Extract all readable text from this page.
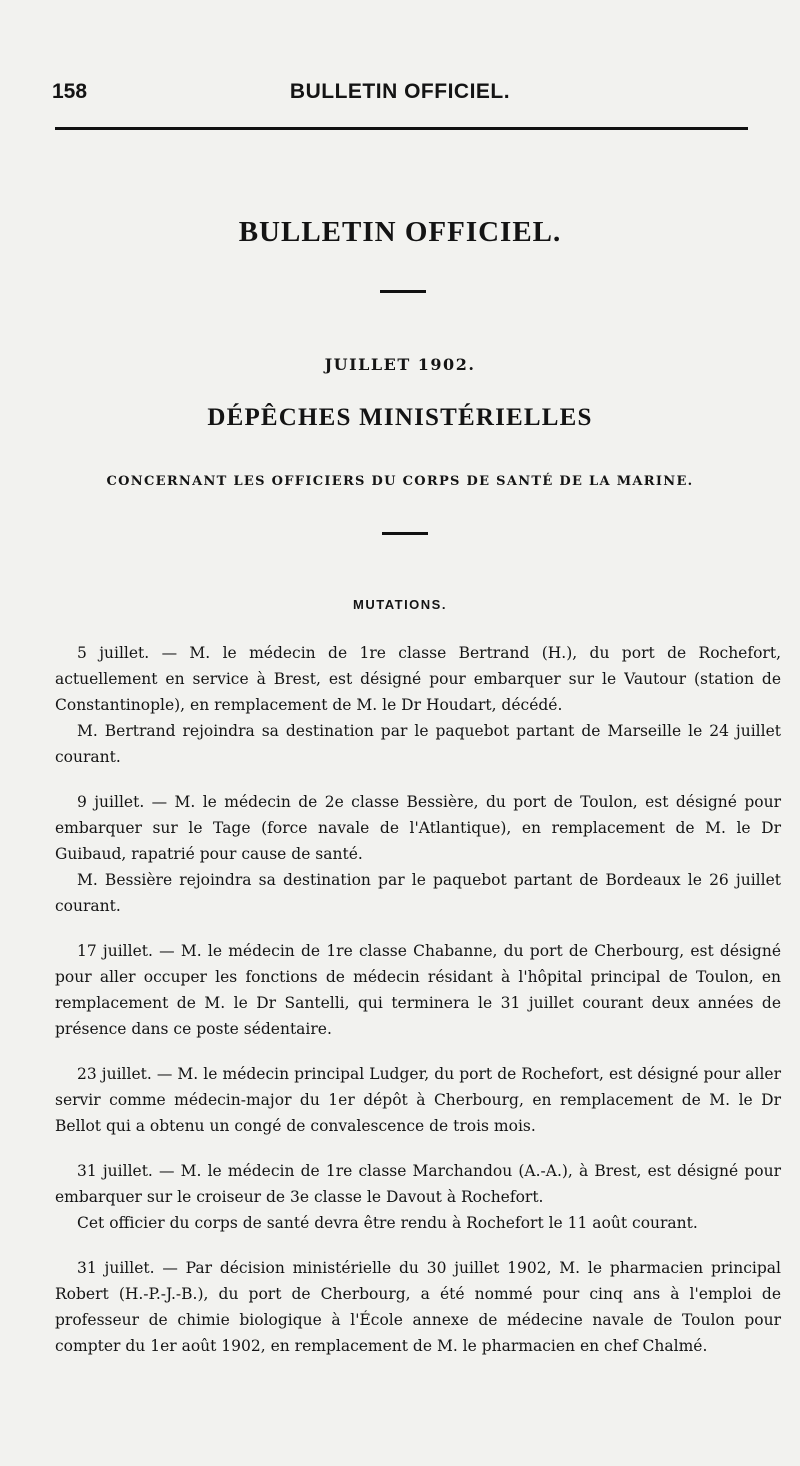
158	BULLETIN OFFICIEL.
BULLETIN OFFICIEL.
JUILLET 1902.
DÉPÊCHES MINISTÉRIELLES
CONCERNANT LES OFFICIERS DU CORPS DE SANTÉ DE LA MARINE.
MUTATIONS.

5 juillet. — M. le médecin de 1re classe Bertrand (H.), du port de Rochefort, actuellement en service à Brest, est désigné pour embarquer sur le Vautour (station de Constantinople), en remplacement de M. le Dr Houdart, décédé.

M. Bertrand rejoindra sa destination par le paquebot partant de Marseille le 24 juillet courant.

9 juillet. — M. le médecin de 2e classe Bessière, du port de Toulon, est désigné pour embarquer sur le Tage (force navale de l'Atlantique), en remplacement de M. le Dr Guibaud, rapatrié pour cause de santé.

M. Bessière rejoindra sa destination par le paquebot partant de Bordeaux le 26 juillet courant.

17 juillet. — M. le médecin de 1re classe Chabanne, du port de Cherbourg, est désigné pour aller occuper les fonctions de médecin résidant à l'hôpital principal de Toulon, en remplacement de M. le Dr Santelli, qui terminera le 31 juillet courant deux années de présence dans ce poste sédentaire.

23 juillet. — M. le médecin principal Ludger, du port de Rochefort, est désigné pour aller servir comme médecin-major du 1er dépôt à Cherbourg, en remplacement de M. le Dr Bellot qui a obtenu un congé de convalescence de trois mois.

31 juillet. — M. le médecin de 1re classe Marchandou (A.-A.), à Brest, est désigné pour embarquer sur le croiseur de 3e classe le Davout à Rochefort.

Cet officier du corps de santé devra être rendu à Rochefort le 11 août courant.

31 juillet. — Par décision ministérielle du 30 juillet 1902, M. le pharmacien principal Robert (H.-P.-J.-B.), du port de Cherbourg, a été nommé pour cinq ans à l'emploi de professeur de chimie biologique à l'École annexe de médecine navale de Toulon pour compter du 1er août 1902, en remplacement de M. le pharmacien en chef Chalmé.
